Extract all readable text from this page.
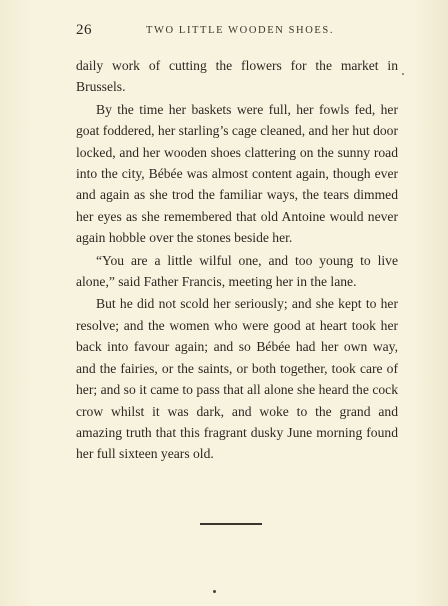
26	TWO LITTLE WOODEN SHOES.

daily work of cutting the flowers for the market in Brussels.

By the time her baskets were full, her fowls fed, her goat foddered, her starling’s cage cleaned, and her hut door locked, and her wooden shoes clattering on the sunny road into the city, Bébée was almost content again, though ever and again as she trod the familiar ways, the tears dimmed her eyes as she remembered that old Antoine would never again hobble over the stones beside her.

“You are a little wilful one, and too young to live alone,” said Father Francis, meeting her in the lane.

But he did not scold her seriously; and she kept to her resolve; and the women who were good at heart took her back into favour again; and so Bébée had her own way, and the fairies, or the saints, or both together, took care of her; and so it came to pass that all alone she heard the cock crow whilst it was dark, and woke to the grand and amazing truth that this fragrant dusky June morning found her full sixteen years old.
